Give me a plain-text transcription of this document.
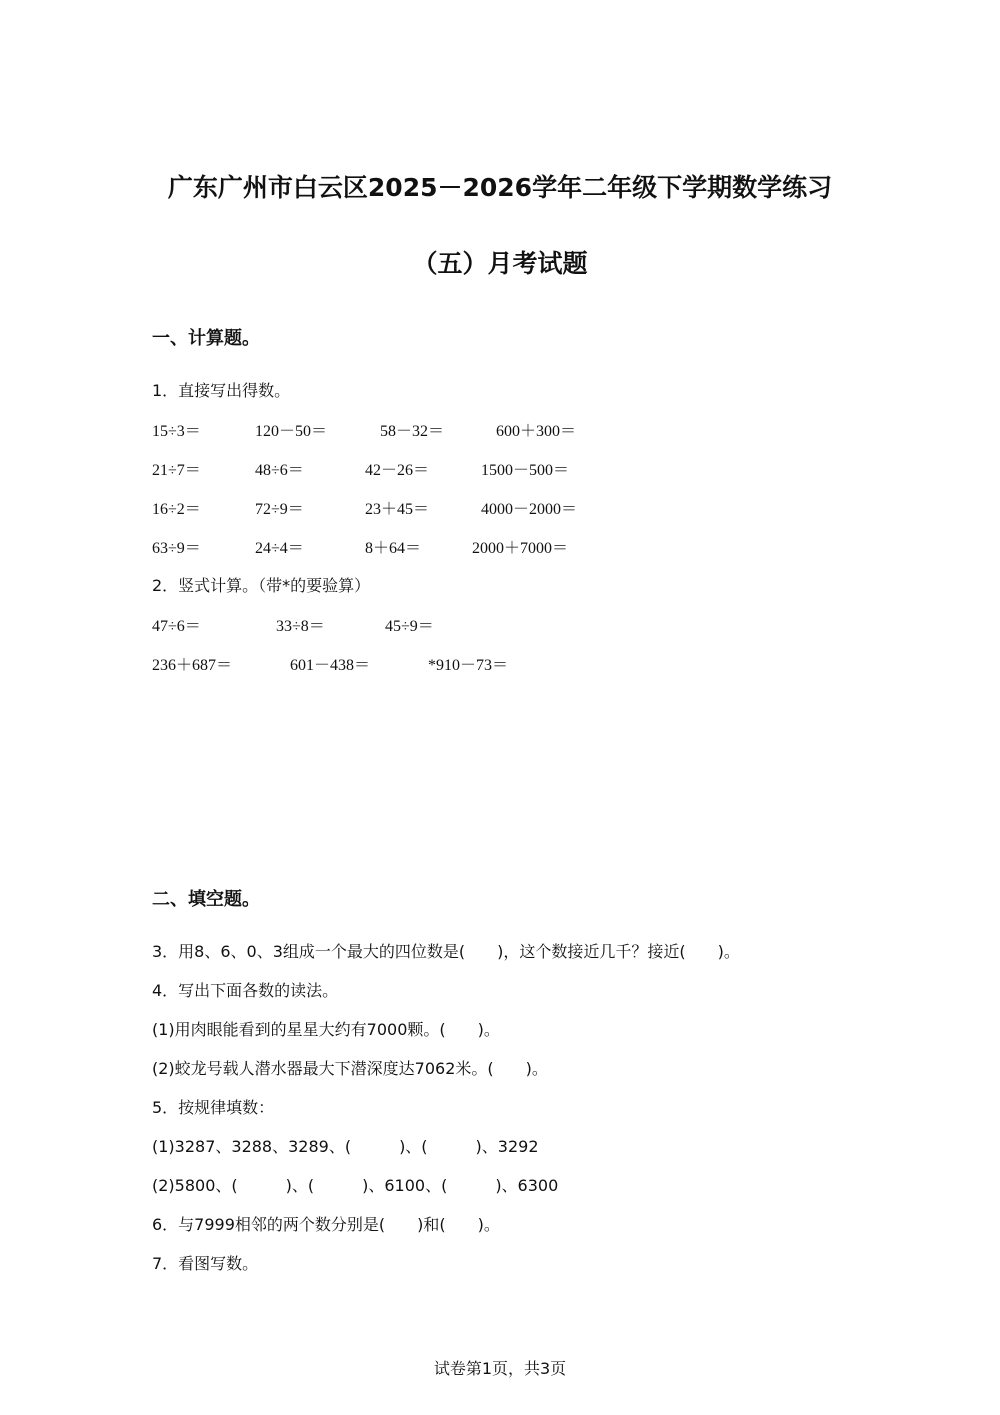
广东广州市白云区2025－2026学年二年级下学期数学练习
（五）月考试题
一、计算题。
1．直接写出得数。
15÷3＝	120－50＝	58－32＝	600＋300＝
21÷7＝	48÷6＝	42－26＝	1500－500＝
16÷2＝	72÷9＝	23＋45＝	4000－2000＝
63÷9＝	24÷4＝	8＋64＝	2000＋7000＝
2．竖式计算。（带*的要验算）
47÷6＝	33÷8＝	45÷9＝
236＋687＝	601－438＝	*910－73＝
二、填空题。
3．用8、6、0、3组成一个最大的四位数是(　　)，这个数接近几千？接近(　　)。
4．写出下面各数的读法。
(1)用肉眼能看到的星星大约有7000颗。(　　)。
(2)蛟龙号载人潜水器最大下潜深度达7062米。(　　)。
5．按规律填数：
(1)3287、3288、3289、(　　　)、(　　　)、3292
(2)5800、(　　　)、(　　　)、6100、(　　　)、6300
6．与7999相邻的两个数分别是(　　)和(　　)。
7．看图写数。
试卷第1页，共3页
